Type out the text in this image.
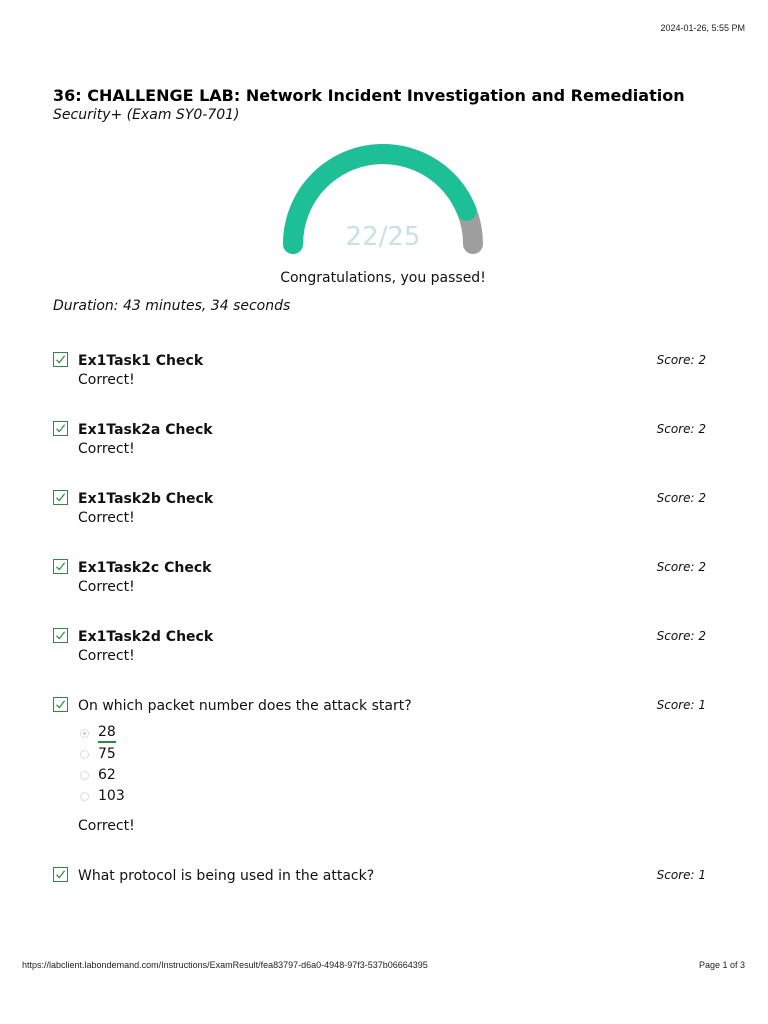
2024-01-26, 5:55 PM
36: CHALLENGE LAB: Network Incident Investigation and Remediation
Security+ (Exam SY0-701)
22/25
Congratulations, you passed!
Duration: 43 minutes, 34 seconds
Ex1Task1 Check
Correct!
Score: 2
Ex1Task2a Check
Correct!
Score: 2
Ex1Task2b Check
Correct!
Score: 2
Ex1Task2c Check
Correct!
Score: 2
Ex1Task2d Check
Correct!
Score: 2
On which packet number does the attack start?	Score: 1
28
75
62
103
Correct!
What protocol is being used in the attack?	Score: 1
https://labclient.labondemand.com/Instructions/ExamResult/fea83797-d6a0-4948-97f3-537b06664395	Page 1 of 3
